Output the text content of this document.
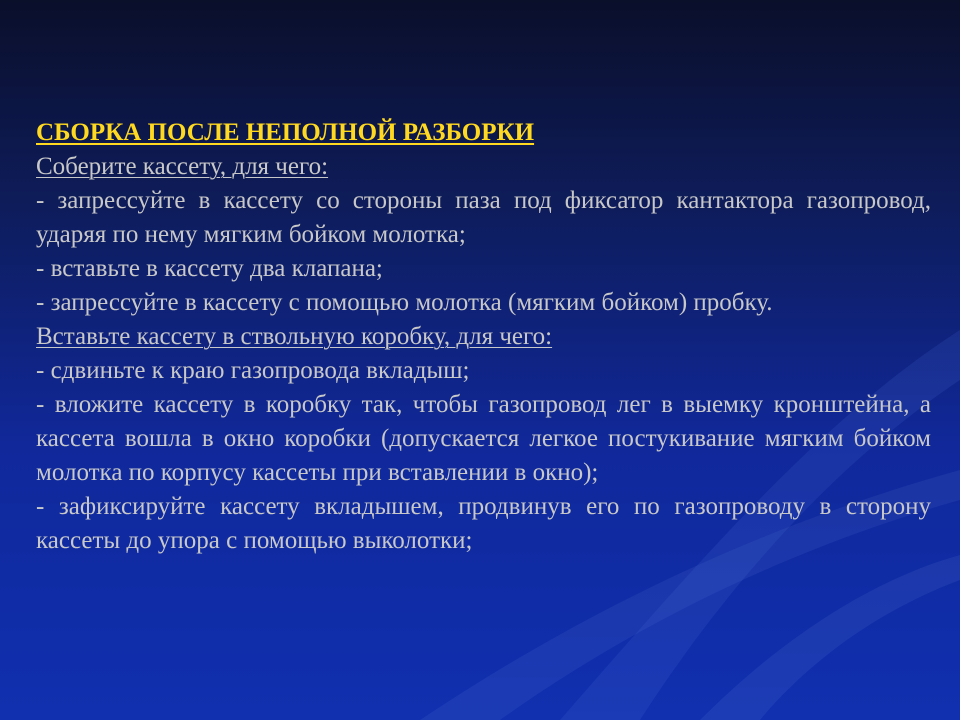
СБОРКА ПОСЛЕ НЕПОЛНОЙ РАЗБОРКИ

Соберите кассету, для чего:

- запрессуйте в кассету со стороны паза под фиксатор кантактора газопровод, ударяя по нему мягким бойком молотка;

- вставьте в кассету два клапана;

- запрессуйте в кассету с помощью молотка (мягким бойком) пробку.

Вставьте кассету в ствольную коробку, для чего:

- сдвиньте к краю газопровода вкладыш;

- вложите кассету в коробку так, чтобы газопровод лег в выемку кронштейна, а кассета вошла в окно коробки (допускается легкое постукивание мягким бойком молотка по корпусу кассеты при вставлении в окно);

- зафиксируйте кассету вкладышем, продвинув его по газопроводу в сторону кассеты до упора с помощью выколотки;
